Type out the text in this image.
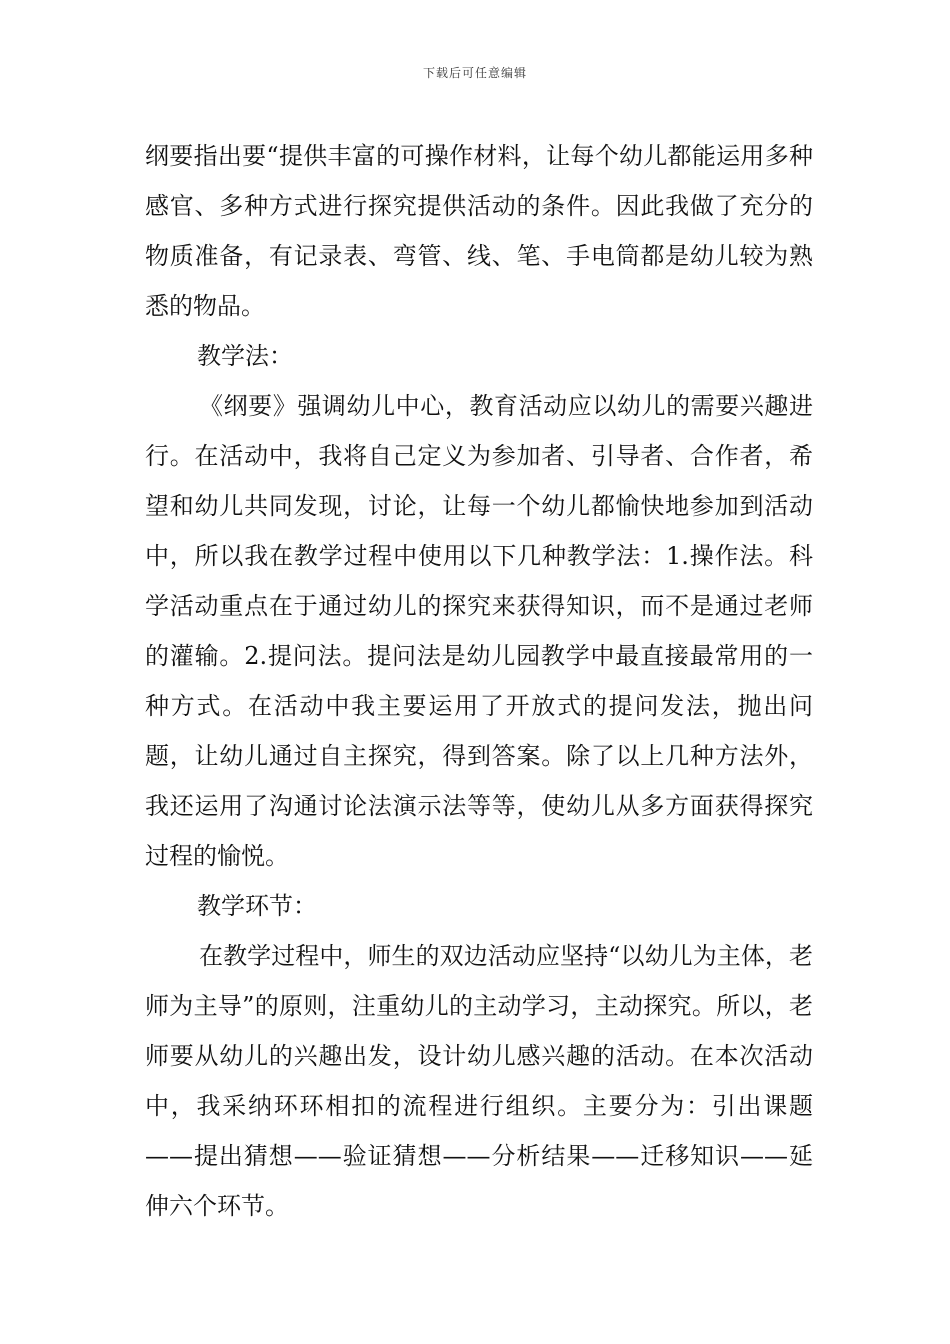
下载后可任意编辑

纲要指出要“提供丰富的可操作材料，让每个幼儿都能运用多种感官、多种方式进行探究提供活动的条件。因此我做了充分的物质准备，有记录表、弯管、线、笔、手电筒都是幼儿较为熟悉的物品。

教学法：

《纲要》强调幼儿中心，教育活动应以幼儿的需要兴趣进行。在活动中，我将自己定义为参加者、引导者、合作者，希望和幼儿共同发现，讨论，让每一个幼儿都愉快地参加到活动中，所以我在教学过程中使用以下几种教学法：1.操作法。科学活动重点在于通过幼儿的探究来获得知识，而不是通过老师的灌输。2.提问法。提问法是幼儿园教学中最直接最常用的一种方式。在活动中我主要运用了开放式的提问发法，抛出问题，让幼儿通过自主探究，得到答案。除了以上几种方法外，我还运用了沟通讨论法演示法等等，使幼儿从多方面获得探究过程的愉悦。

教学环节：

在教学过程中，师生的双边活动应坚持“以幼儿为主体，老师为主导”的原则，注重幼儿的主动学习，主动探究。所以，老师要从幼儿的兴趣出发，设计幼儿感兴趣的活动。在本次活动中，我采纳环环相扣的流程进行组织。主要分为：引出课题——提出猜想——验证猜想——分析结果——迁移知识——延伸六个环节。
